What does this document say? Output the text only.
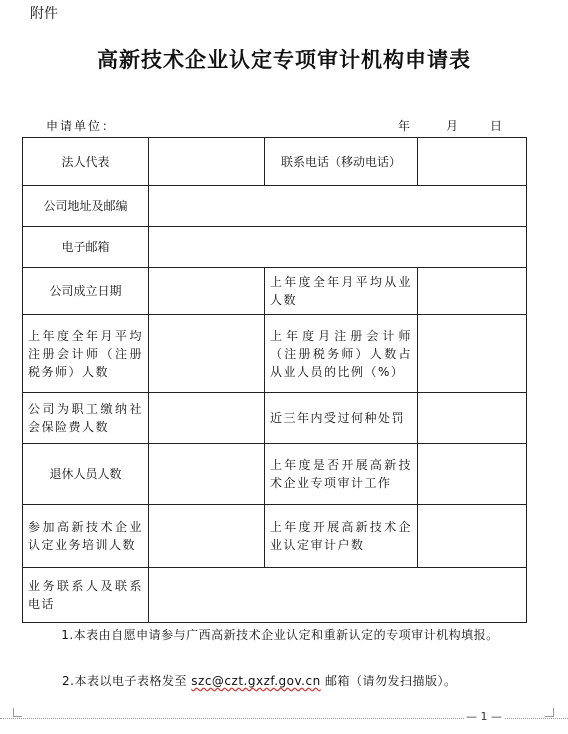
附件
高新技术企业认定专项审计机构申请表
申请单位：	年	月	日
法人代表		联系电话（移动电话）	
公司地址及邮编			
电子邮箱			
公司成立日期		上年度全年月平均从业人数	
上年度全年月平均注册会计师（注册税务师）人数		上年度月注册会计师（注册税务师）人数占从业人员的比例（%）	
公司为职工缴纳社会保险费人数		近三年内受过何种处罚	
退休人员人数		上年度是否开展高新技术企业专项审计工作	
参加高新技术企业认定业务培训人数		上年度开展高新技术企业认定审计户数	
业务联系人及联系电话			
1.本表由自愿申请参与广西高新技术企业认定和重新认定的专项审计机构填报。
2.本表以电子表格发至 szc@czt.gxzf.gov.cn 邮箱（请勿发扫描版）。
— 1 —
